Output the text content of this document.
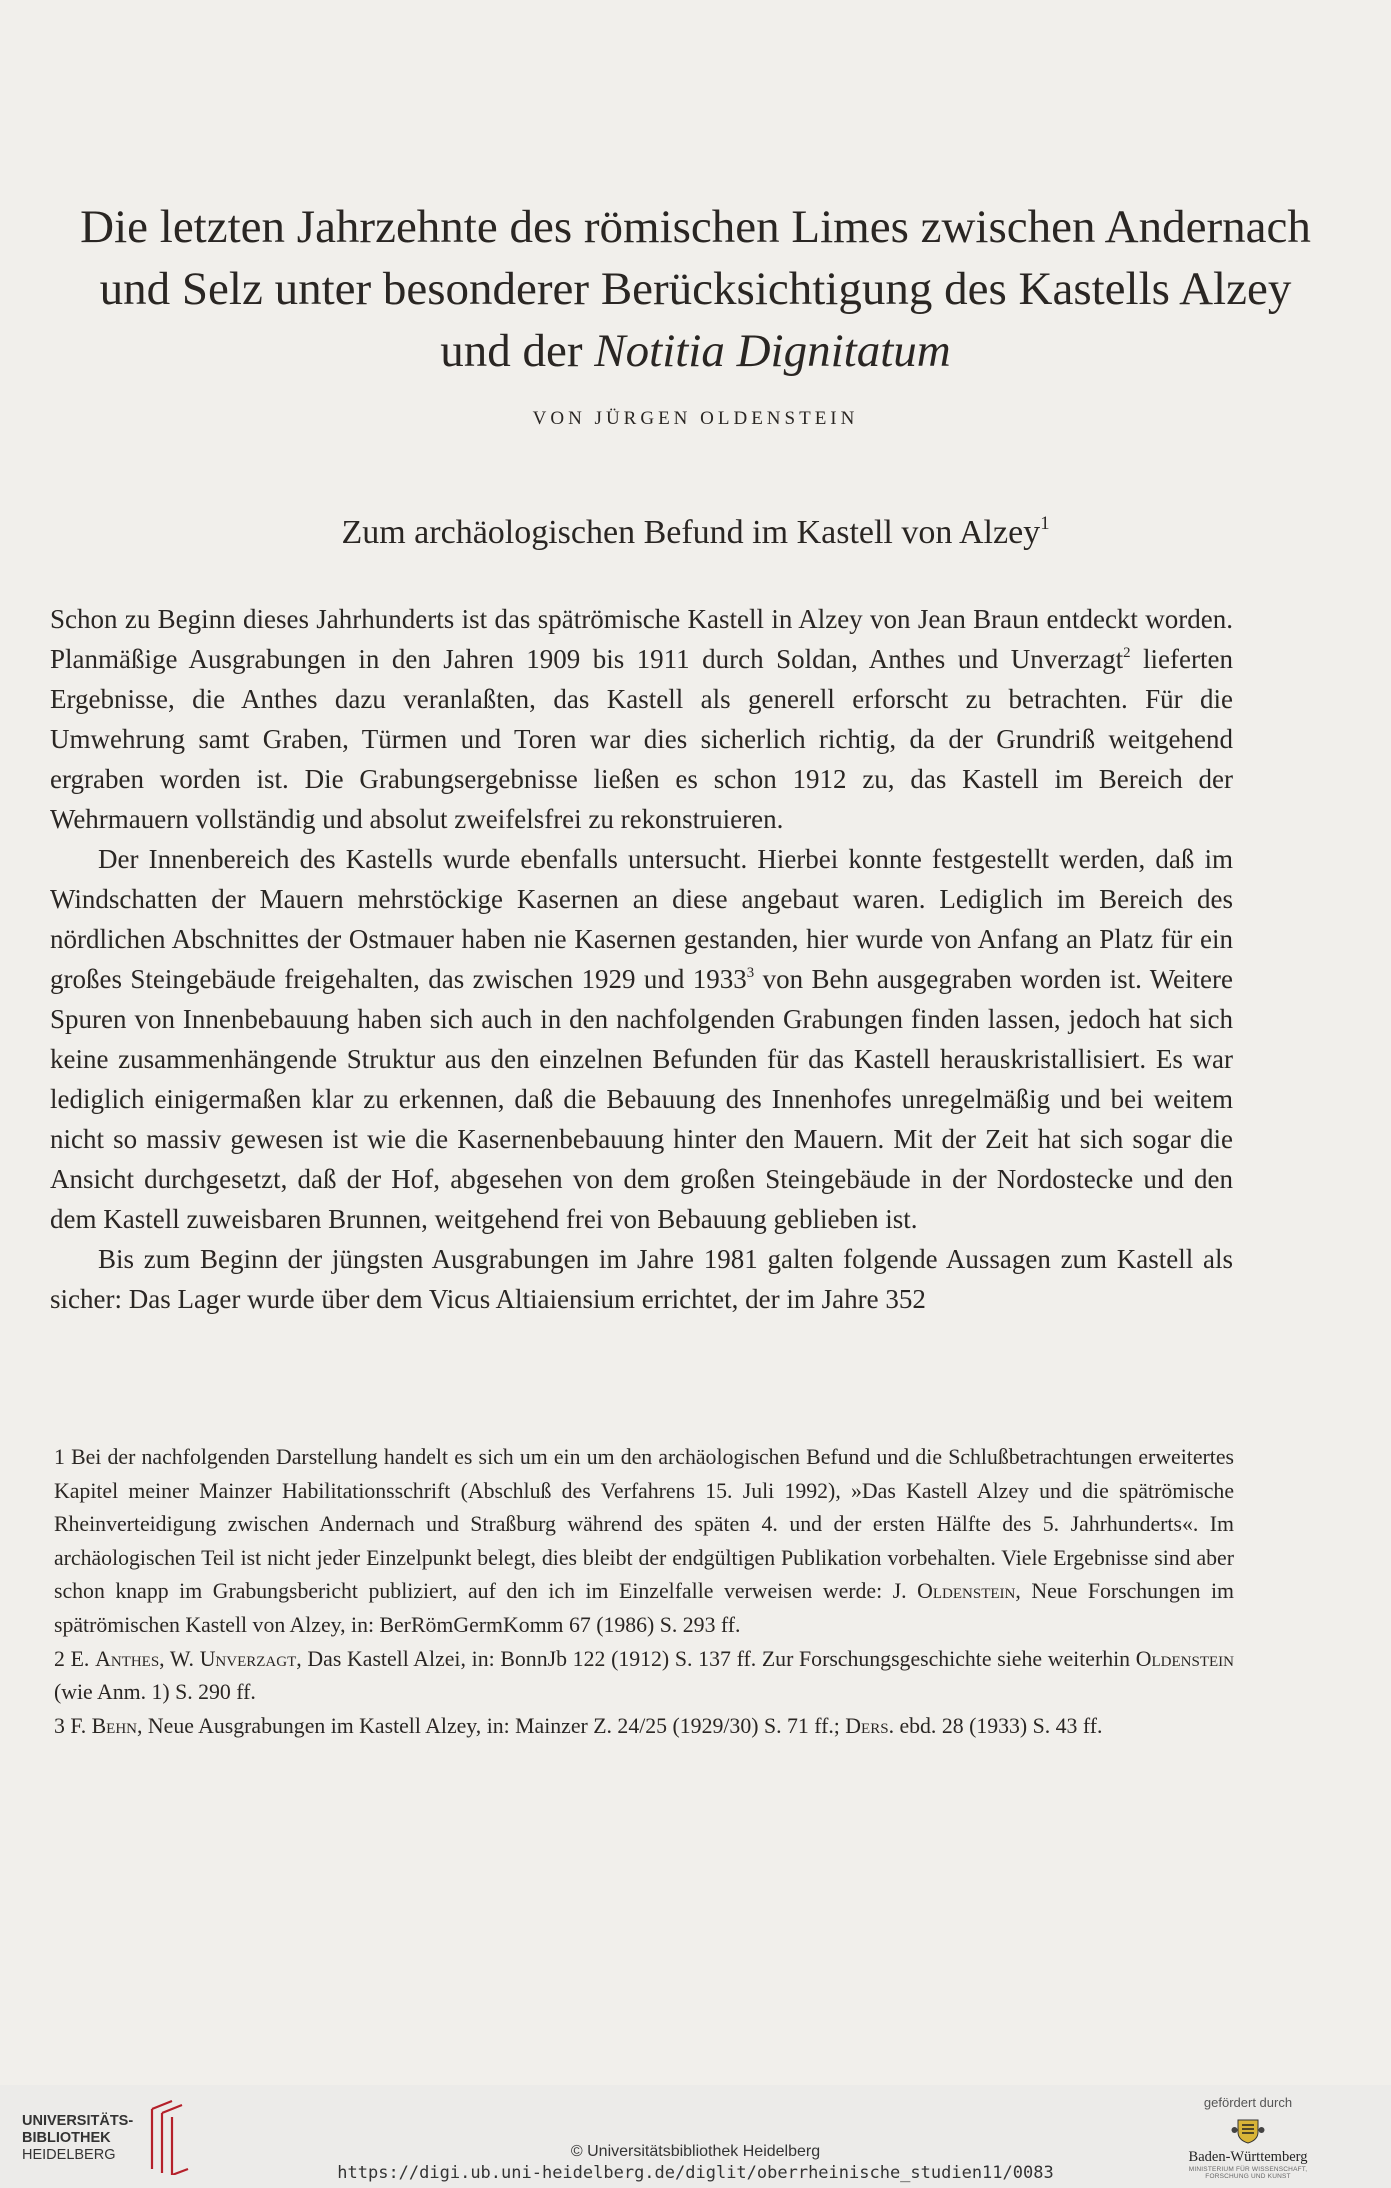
Die letzten Jahrzehnte des römischen Limes zwischen Andernach und Selz unter besonderer Berücksichtigung des Kastells Alzey und der Notitia Dignitatum
VON JÜRGEN OLDENSTEIN
Zum archäologischen Befund im Kastell von Alzey$^1$

Schon zu Beginn dieses Jahrhunderts ist das spätrömische Kastell in Alzey von Jean Braun entdeckt worden. Planmäßige Ausgrabungen in den Jahren 1909 bis 1911 durch Soldan, Anthes und Unverzagt$^2$ lieferten Ergebnisse, die Anthes dazu veranlaßten, das Kastell als generell erforscht zu betrachten. Für die Umwehrung samt Graben, Türmen und Toren war dies sicherlich richtig, da der Grundriß weitgehend ergraben worden ist. Die Grabungsergebnisse ließen es schon 1912 zu, das Kastell im Bereich der Wehrmauern vollständig und absolut zweifelsfrei zu rekonstruieren.

Der Innenbereich des Kastells wurde ebenfalls untersucht. Hierbei konnte festgestellt werden, daß im Windschatten der Mauern mehrstöckige Kasernen an diese angebaut waren. Lediglich im Bereich des nördlichen Abschnittes der Ostmauer haben nie Kasernen gestanden, hier wurde von Anfang an Platz für ein großes Steingebäude freigehalten, das zwischen 1929 und 1933$^3$ von Behn ausgegraben worden ist. Weitere Spuren von Innenbebauung haben sich auch in den nachfolgenden Grabungen finden lassen, jedoch hat sich keine zusammenhängende Struktur aus den einzelnen Befunden für das Kastell herauskristallisiert. Es war lediglich einigermaßen klar zu erkennen, daß die Bebauung des Innenhofes unregelmäßig und bei weitem nicht so massiv gewesen ist wie die Kasernenbebauung hinter den Mauern. Mit der Zeit hat sich sogar die Ansicht durchgesetzt, daß der Hof, abgesehen von dem großen Steingebäude in der Nordostecke und den dem Kastell zuweisbaren Brunnen, weitgehend frei von Bebauung geblieben ist.

Bis zum Beginn der jüngsten Ausgrabungen im Jahre 1981 galten folgende Aussagen zum Kastell als sicher: Das Lager wurde über dem Vicus Altiaiensium errichtet, der im Jahre 352

1 Bei der nachfolgenden Darstellung handelt es sich um ein um den archäologischen Befund und die Schlußbetrachtungen erweitertes Kapitel meiner Mainzer Habilitationsschrift (Abschluß des Verfahrens 15. Juli 1992), »Das Kastell Alzey und die spätrömische Rheinverteidigung zwischen Andernach und Straßburg während des späten 4. und der ersten Hälfte des 5. Jahrhunderts«. Im archäologischen Teil ist nicht jeder Einzelpunkt belegt, dies bleibt der endgültigen Publikation vorbehalten. Viele Ergebnisse sind aber schon knapp im Grabungsbericht publiziert, auf den ich im Einzelfalle verweisen werde: J. Oldenstein, Neue Forschungen im spätrömischen Kastell von Alzey, in: BerRömGermKomm 67 (1986) S. 293 ff.

2 E. Anthes, W. Unverzagt, Das Kastell Alzei, in: BonnJb 122 (1912) S. 137 ff. Zur Forschungsgeschichte siehe weiterhin Oldenstein (wie Anm. 1) S. 290 ff.

3 F. Behn, Neue Ausgrabungen im Kastell Alzey, in: Mainzer Z. 24/25 (1929/30) S. 71 ff.; Ders. ebd. 28 (1933) S. 43 ff.

UNIVERSITÄTS-
BIBLIOTHEK
HEIDELBERG	© Universitätsbibliothek Heidelberg
https://digi.ub.uni-heidelberg.de/diglit/oberrheinische_studien11/0083
gefördert durch
Baden-Württemberg
MINISTERIUM FÜR WISSENSCHAFT, FORSCHUNG UND KUNST
